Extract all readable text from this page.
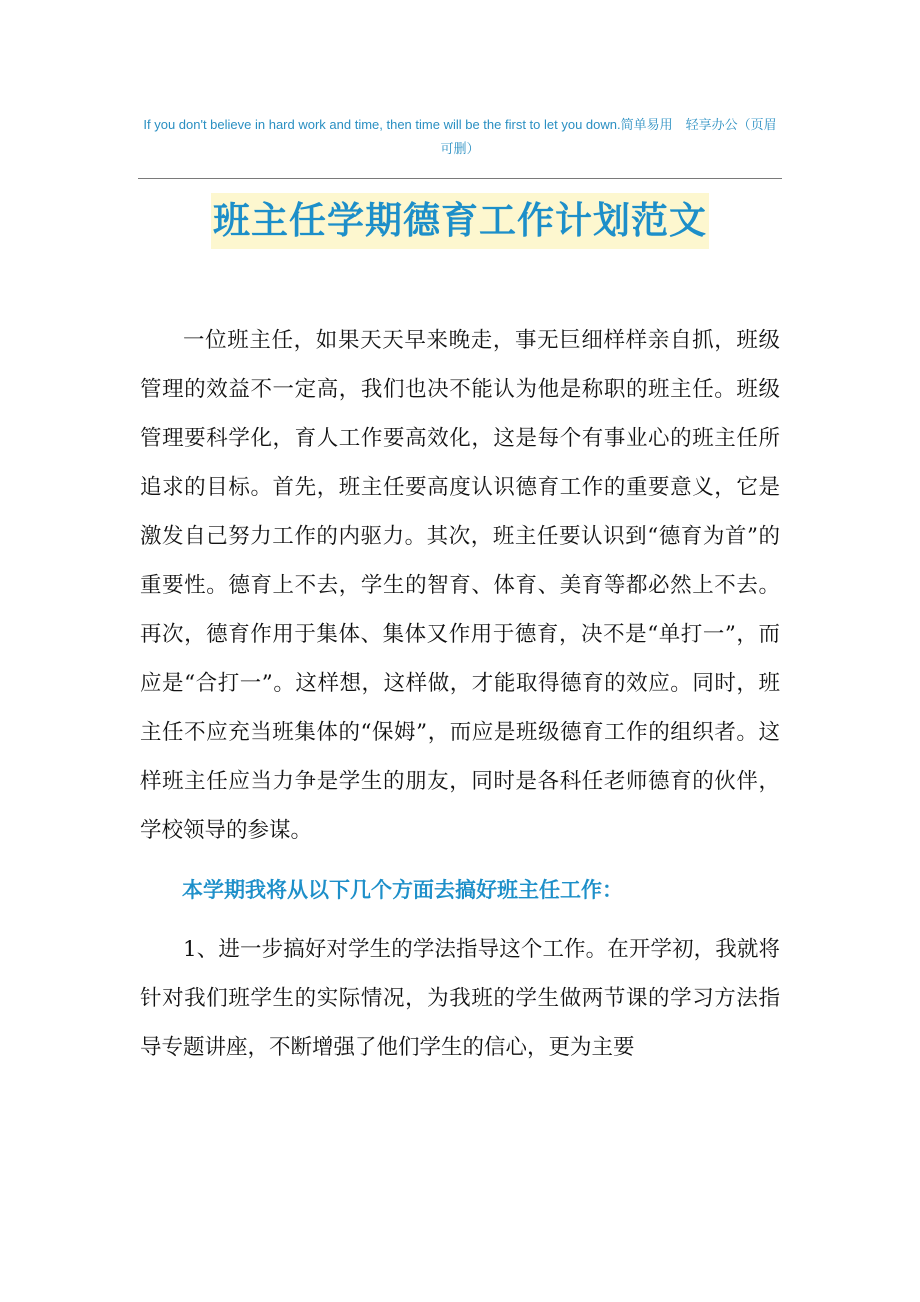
If you don't believe in hard work and time, then time will be the first to let you down.简单易用　轻享办公（页眉可删）
班主任学期德育工作计划范文

一位班主任，如果天天早来晚走，事无巨细样样亲自抓，班级管理的效益不一定高，我们也决不能认为他是称职的班主任。班级管理要科学化，育人工作要高效化，这是每个有事业心的班主任所追求的目标。首先，班主任要高度认识德育工作的重要意义，它是激发自己努力工作的内驱力。其次，班主任要认识到“德育为首”的重要性。德育上不去，学生的智育、体育、美育等都必然上不去。再次，德育作用于集体、集体又作用于德育，决不是“单打一”，而应是“合打一”。这样想，这样做，才能取得德育的效应。同时，班主任不应充当班集体的“保姆”，而应是班级德育工作的组织者。这样班主任应当力争是学生的朋友，同时是各科任老师德育的伙伴，学校领导的参谋。

本学期我将从以下几个方面去搞好班主任工作：

1、进一步搞好对学生的学法指导这个工作。在开学初，我就将针对我们班学生的实际情况，为我班的学生做两节课的学习方法指导专题讲座，不断增强了他们学生的信心，更为主要
